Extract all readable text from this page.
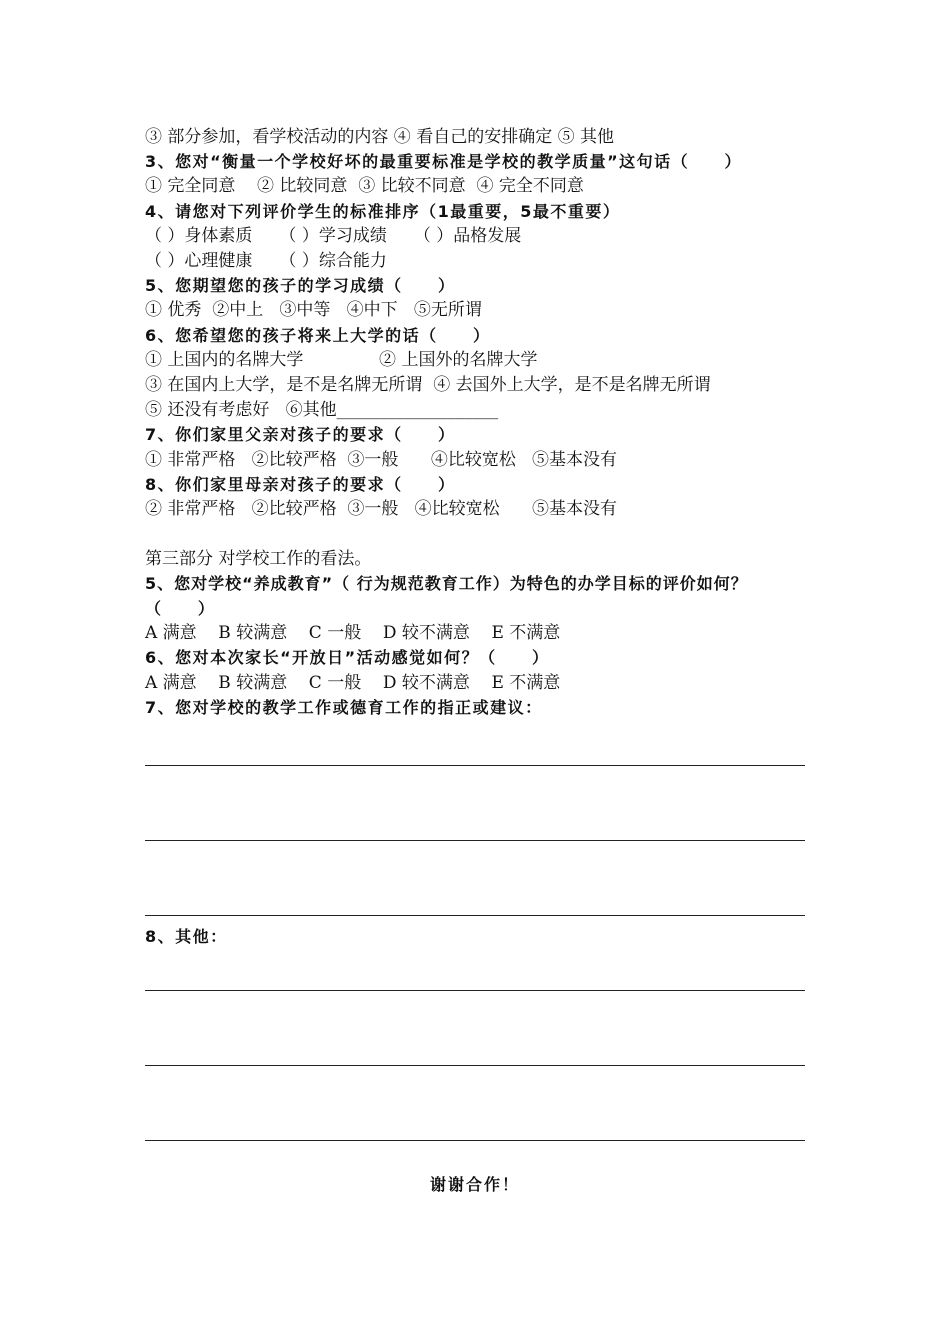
③ 部分参加，看学校活动的内容 ④ 看自己的安排确定 ⑤ 其他
3、您对“衡量一个学校好坏的最重要标准是学校的教学质量”这句话（     ）
① 完全同意    ② 比较同意  ③ 比较不同意  ④ 完全不同意
4、请您对下列评价学生的标准排序（1最重要，5最不重要）
（ ）身体素质     （ ）学习成绩     （ ）品格发展
（ ）心理健康     （ ）综合能力
5、您期望您的孩子的学习成绩（     ）
① 优秀  ②中上   ③中等   ④中下   ⑤无所谓
6、您希望您的孩子将来上大学的话（     ）
① 上国内的名牌大学              ② 上国外的名牌大学
③ 在国内上大学，是不是名牌无所谓  ④ 去国外上大学，是不是名牌无所谓
⑤ 还没有考虑好   ⑥其他___________________
7、你们家里父亲对孩子的要求（     ）
① 非常严格   ②比较严格  ③一般      ④比较宽松   ⑤基本没有
8、你们家里母亲对孩子的要求（     ）
② 非常严格   ②比较严格  ③一般   ④比较宽松      ⑤基本没有
第三部分 对学校工作的看法。
5、您对学校“养成教育”（ 行为规范教育工作）为特色的办学目标的评价如何？
（     ）
A 满意    B 较满意    C 一般    D 较不满意    E 不满意
6、您对本次家长“开放日”活动感觉如何？（     ）
A 满意    B 较满意    C 一般    D 较不满意    E 不满意
7、您对学校的教学工作或德育工作的指正或建议：
8、其他：
谢谢合作！
